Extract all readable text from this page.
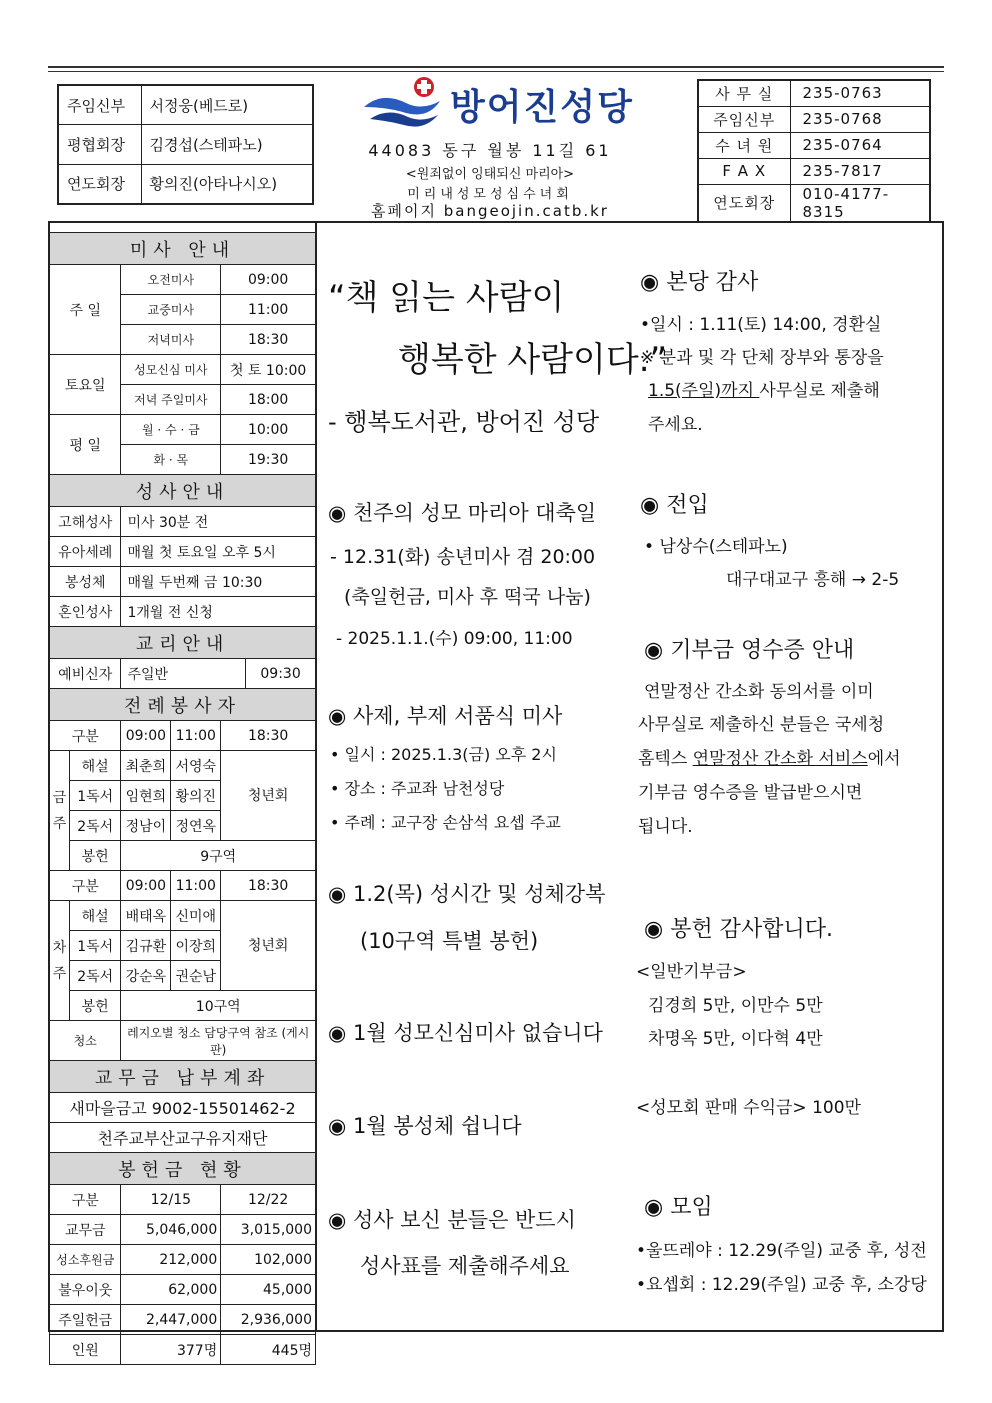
주임신부	서정웅(베드로)
평협회장	김경섭(스테파노)
연도회장	황의진(아타나시오)
방어진성당
44083 동구 월봉 11길 61
<원죄없이 잉태되신 마리아>
미리내성모성심수녀회
홈페이지 bangeojin.catb.kr
사 무 실	235-0763
주임신부	235-0768
수 녀 원	235-0764
F A X	235-7817
연도회장	010-4177-8315
미사 안내					
주 일		오전미사		09:00	
		교중미사		11:00	
		저녁미사		18:30	
토요일		성모신심 미사		첫 토 10:00	
		저녁 주일미사		18:00	
평 일		월 · 수 · 금		10:00	
		화 · 목		19:30	
성사안내					
고해성사		미사 30분 전			
유아세례		매월 첫 토요일 오후 5시			
봉성체		매월 두번째 금 10:30			
혼인성사		1개월 전 신청			
교리안내					
예비신자		주일반			09:30
전례봉사자					
구분		09:00	11:00	18:30	
금주	해설	최춘희	서영숙	청년회	
	1독서	임현희	황의진		
	2독서	정남이	정연옥		
	봉헌	9구역			
구분		09:00	11:00	18:30	
차주	해설	배태옥	신미애	청년회	
	1독서	김규환	이장희		
	2독서	강순옥	권순남		
	봉헌	10구역			
청소		레지오별 청소 담당구역 참조 (게시판)			
교무금 납부계좌					
새마을금고 9002-15501462-2					
천주교부산교구유지재단					
봉헌금 현황					
구분		12/15		12/22	
교무금		5,046,000		3,015,000	
성소후원금		212,000		102,000	
불우이웃		62,000		45,000	
주일헌금		2,447,000		2,936,000	
인원		377명		445명	
“책 읽는 사람이
행복한 사람이다.”
- 행복도서관, 방어진 성당
◉ 천주의 성모 마리아 대축일
- 12.31(화) 송년미사 겸 20:00
(축일헌금, 미사 후 떡국 나눔)
- 2025.1.1.(수) 09:00, 11:00
◉ 사제, 부제 서품식 미사
• 일시 : 2025.1.3(금) 오후 2시
• 장소 : 주교좌 남천성당
• 주례 : 교구장 손삼석 요셉 주교
◉ 1.2(목) 성시간 및 성체강복
(10구역 특별 봉헌)
◉ 1월 성모신심미사 없습니다
◉ 1월 봉성체 쉽니다
◉ 성사 보신 분들은 반드시
성사표를 제출해주세요
◉ 본당 감사
•일시 : 1.11(토) 14:00, 경환실
※ 분과 및 각 단체 장부와 통장을
1.5(주일)까지 사무실로 제출해
주세요.
◉ 전입
• 남상수(스테파노)
대구대교구 흥해 → 2-5
◉ 기부금 영수증 안내
연말정산 간소화 동의서를 이미
사무실로 제출하신 분들은 국세청
홈텍스 연말정산 간소화 서비스에서
기부금 영수증을 발급받으시면
됩니다.
◉ 봉헌 감사합니다.
<일반기부금>
김경희 5만, 이만수 5만
차명옥 5만, 이다혁 4만
<성모회 판매 수익금> 100만
◉ 모임
•울뜨레야 : 12.29(주일) 교중 후, 성전
•요셉회 : 12.29(주일) 교중 후, 소강당
